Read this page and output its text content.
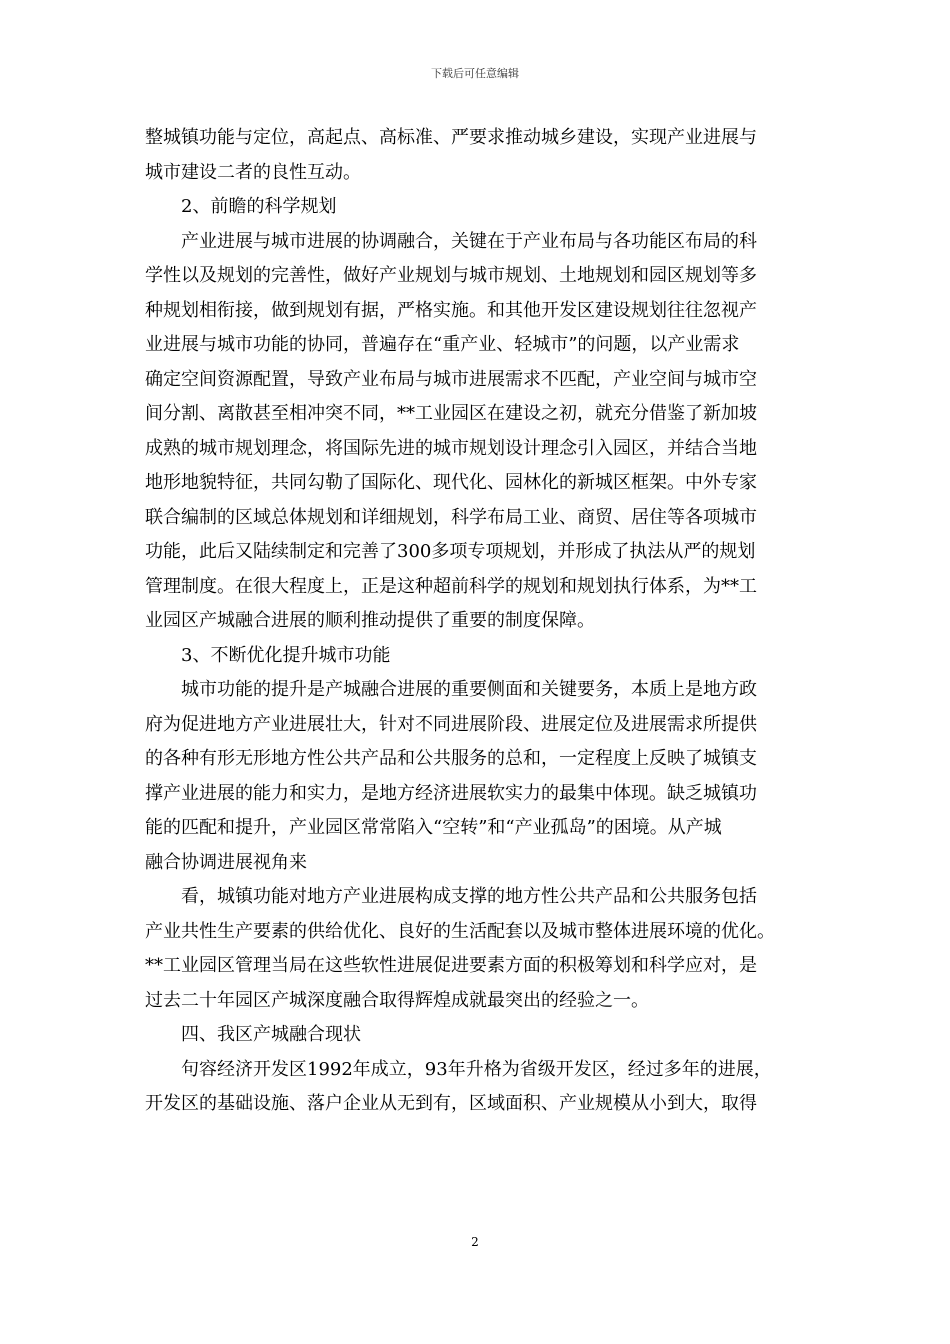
下载后可任意编辑
整城镇功能与定位，高起点、高标准、严要求推动城乡建设，实现产业进展与
城市建设二者的良性互动。
2、前瞻的科学规划
产业进展与城市进展的协调融合，关键在于产业布局与各功能区布局的科
学性以及规划的完善性，做好产业规划与城市规划、土地规划和园区规划等多
种规划相衔接，做到规划有据，严格实施。和其他开发区建设规划往往忽视产
业进展与城市功能的协同，普遍存在“重产业、轻城市”的问题，以产业需求
确定空间资源配置，导致产业布局与城市进展需求不匹配，产业空间与城市空
间分割、离散甚至相冲突不同，**工业园区在建设之初，就充分借鉴了新加坡
成熟的城市规划理念，将国际先进的城市规划设计理念引入园区，并结合当地
地形地貌特征，共同勾勒了国际化、现代化、园林化的新城区框架。中外专家
联合编制的区域总体规划和详细规划，科学布局工业、商贸、居住等各项城市
功能，此后又陆续制定和完善了300多项专项规划，并形成了执法从严的规划
管理制度。在很大程度上，正是这种超前科学的规划和规划执行体系，为**工
业园区产城融合进展的顺利推动提供了重要的制度保障。
3、不断优化提升城市功能
城市功能的提升是产城融合进展的重要侧面和关键要务，本质上是地方政
府为促进地方产业进展壮大，针对不同进展阶段、进展定位及进展需求所提供
的各种有形无形地方性公共产品和公共服务的总和，一定程度上反映了城镇支
撑产业进展的能力和实力，是地方经济进展软实力的最集中体现。缺乏城镇功
能的匹配和提升，产业园区常常陷入“空转”和“产业孤岛”的困境。从产城
融合协调进展视角来
看，城镇功能对地方产业进展构成支撑的地方性公共产品和公共服务包括
产业共性生产要素的供给优化、良好的生活配套以及城市整体进展环境的优化。
**工业园区管理当局在这些软性进展促进要素方面的积极筹划和科学应对，是
过去二十年园区产城深度融合取得辉煌成就最突出的经验之一。
四、我区产城融合现状
句容经济开发区1992年成立，93年升格为省级开发区，经过多年的进展，
开发区的基础设施、落户企业从无到有，区域面积、产业规模从小到大，取得
2
